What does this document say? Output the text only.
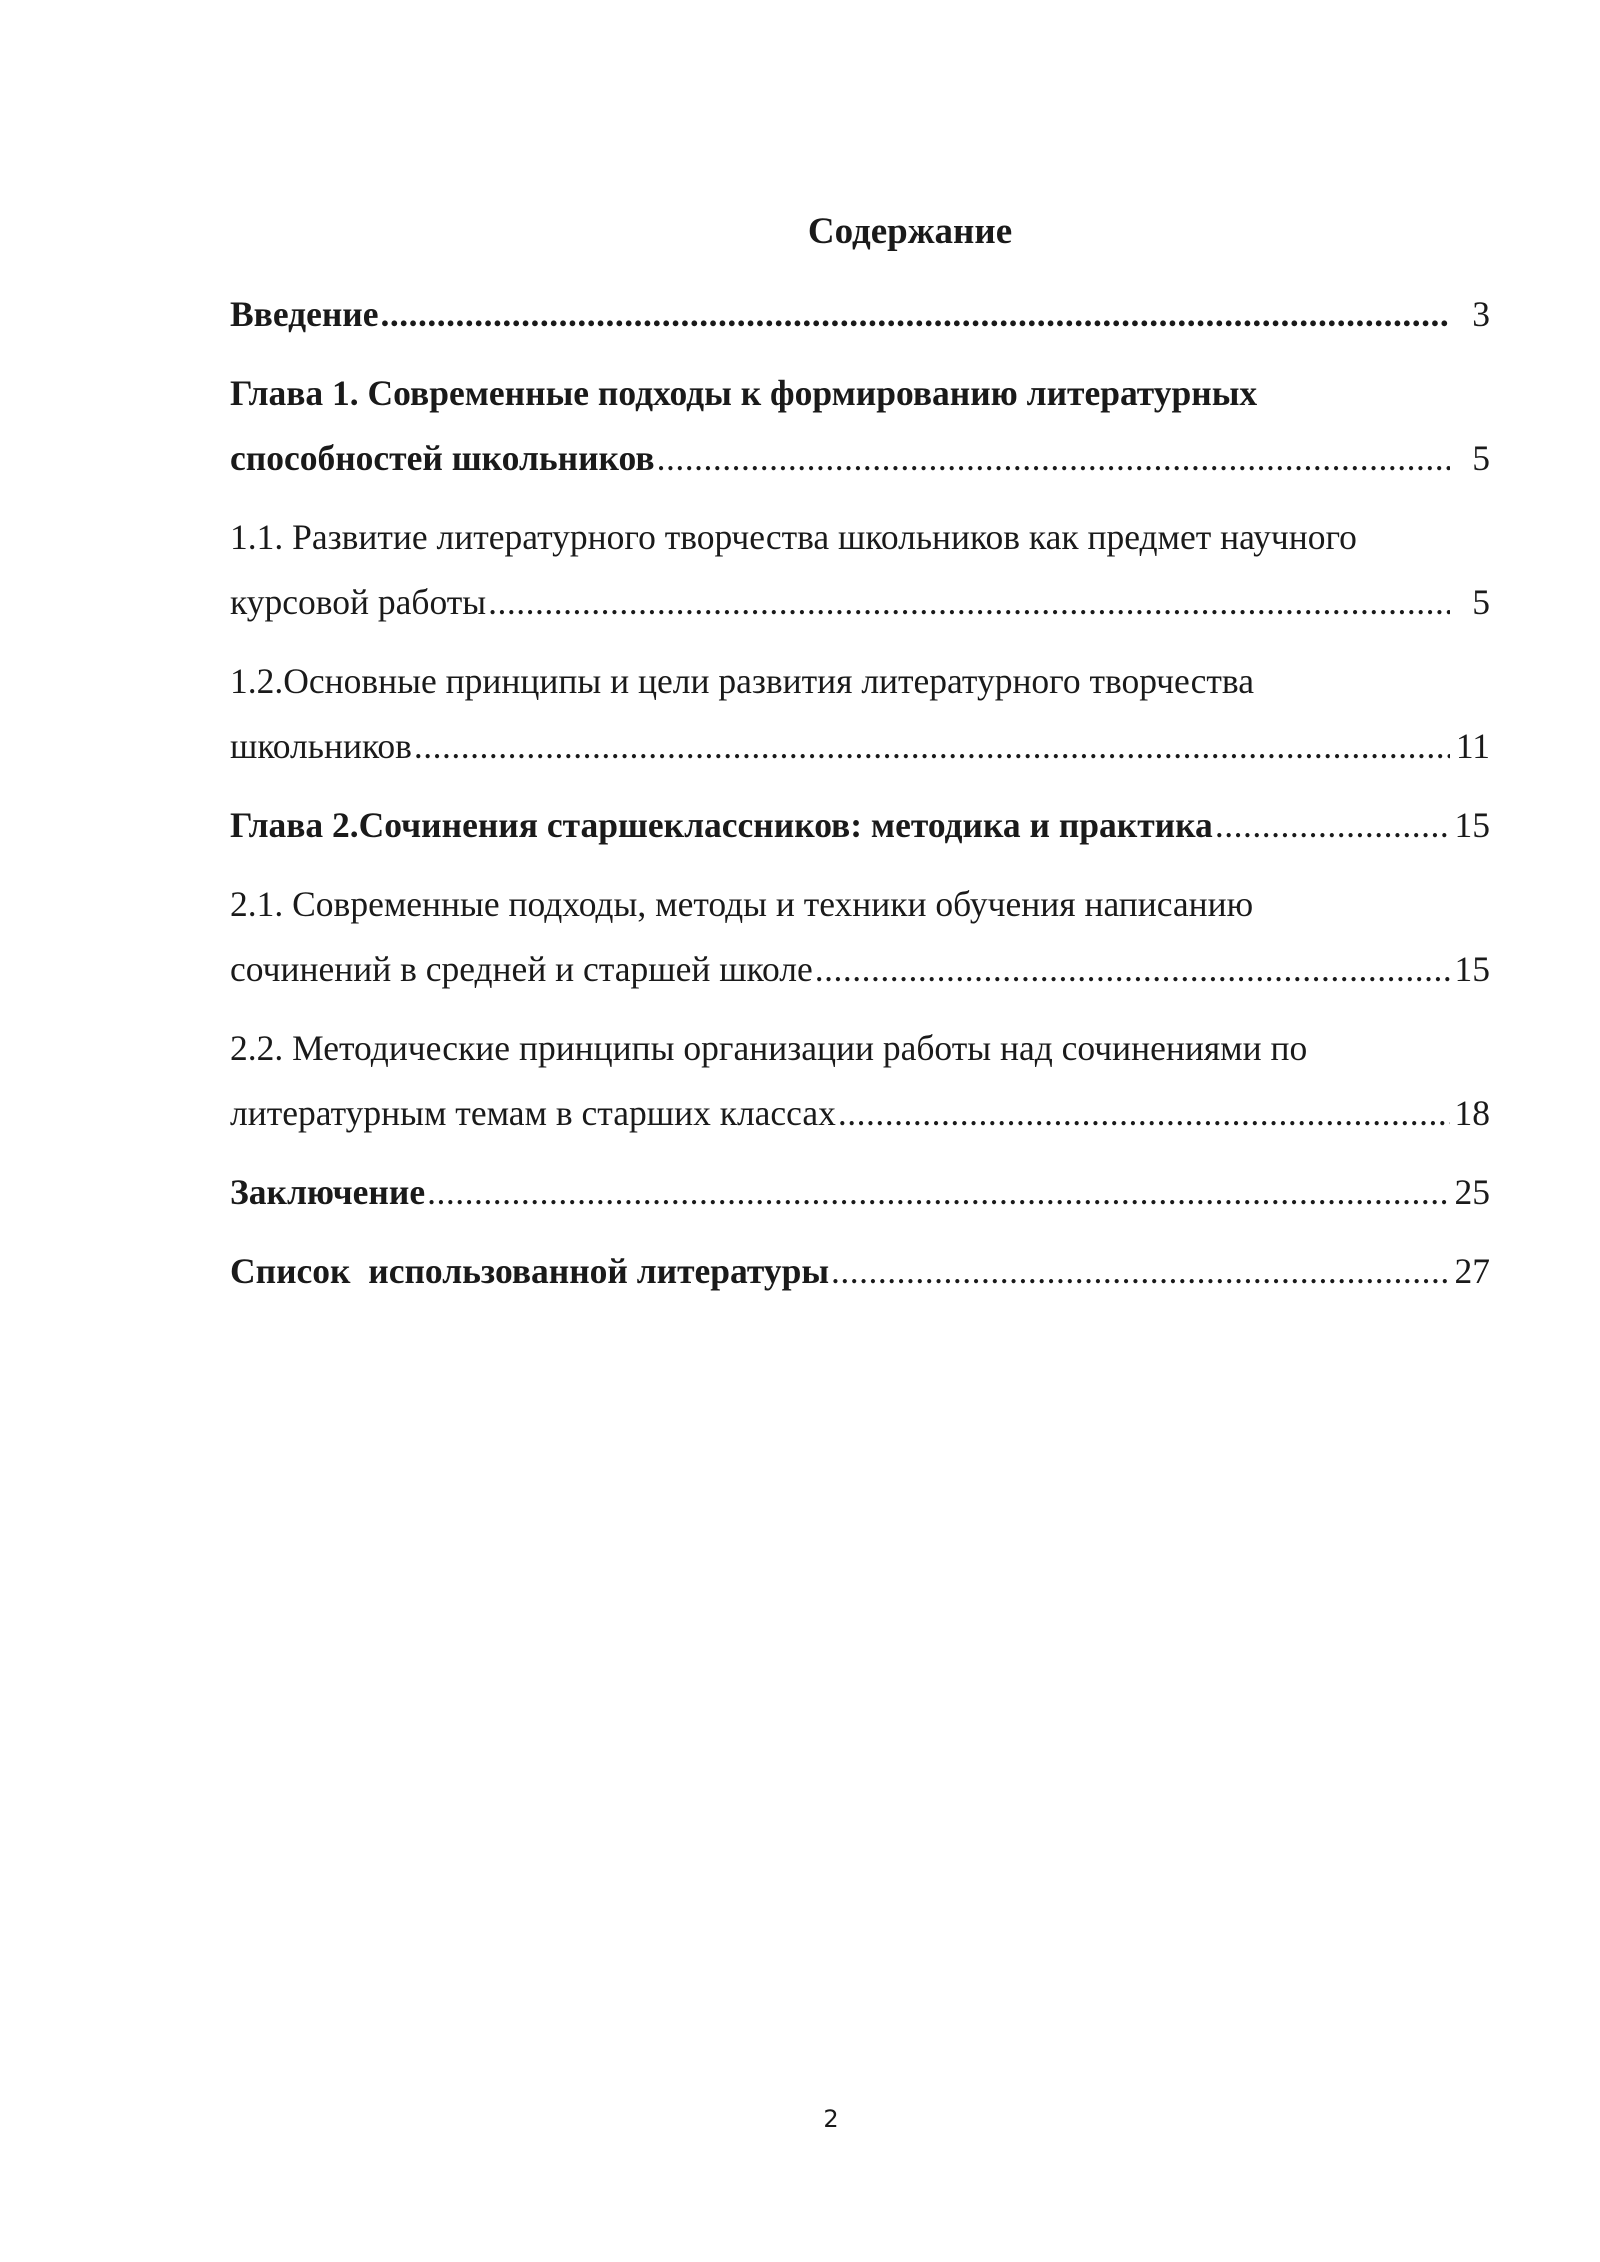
Содержание
Введение .....	3
Глава 1. Современные подходы к формированию литературных
способностей школьников .....	5
1.1. Развитие литературного творчества школьников как предмет научного
курсовой работы .....	5
1.2.Основные принципы и цели развития литературного творчества
школьников .....	11
Глава 2.Сочинения старшеклассников: методика и практика .....	15
2.1. Современные подходы, методы и техники обучения написанию
сочинений в средней и старшей школе .....	15
2.2. Методические принципы организации работы над сочинениями по
литературным темам в старших классах .....	18
Заключение .....	25
Список  использованной литературы .....	27
2
